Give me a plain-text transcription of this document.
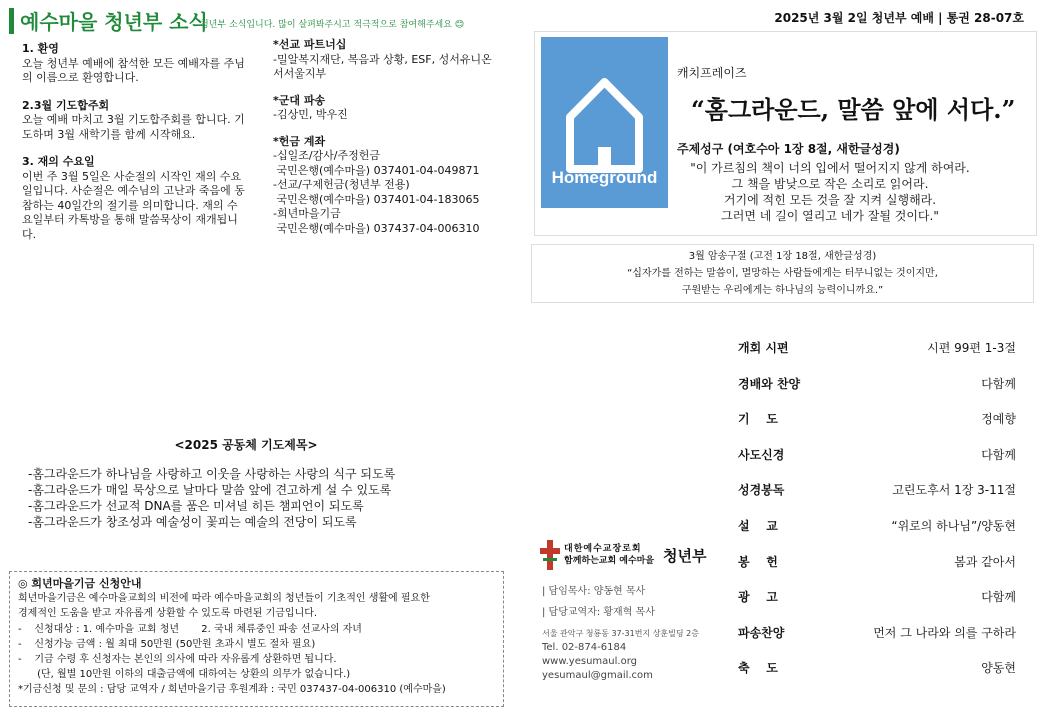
예수마을 청년부 소식
청년부 소식입니다. 많이 살펴봐주시고 적극적으로 참여해주세요 😊	2025년 3월 2일 청년부 예배 | 통권 28-07호
1. 환영
오늘 청년부 예배에 참석한 모든 예배자를 주님의 이름으로 환영합니다.
2.3월 기도합주회
오늘 예배 마치고 3월 기도합주회를 합니다. 기도하며 3월 새학기를 함께 시작해요.
3. 재의 수요일
이번 주 3월 5일은 사순절의 시작인 재의 수요일입니다. 사순절은 예수님의 고난과 죽음에 동참하는 40일간의 절기를 의미합니다. 재의 수요일부터 카톡방을 통해 말씀묵상이 재개됩니다.
*선교 파트너십
-밀알복지재단, 복음과 상황, ESF, 성서유니온 서서울지부
*군대 파송
-김상민, 박우진
*헌금 계좌
-십일조/감사/주정헌금
국민은행(예수마을) 037401-04-049871
-선교/구제헌금(청년부 전용)
국민은행(예수마을) 037401-04-183065
-희년마을기금
국민은행(예수마을) 037437-04-006310
Homeground
캐치프레이즈
“홈그라운드, 말씀 앞에 서다.”
주제성구 (여호수아 1장 8절, 새한글성경)
"이 가르침의 책이 너의 입에서 떨어지지 않게 하여라.
그 책을 밤낮으로 작은 소리로 읽어라.
거기에 적힌 모든 것을 잘 지켜 실행해라.
그러면 네 길이 열리고 네가 잘될 것이다."
3월 암송구절 (고전 1장 18절, 새한글성경)
“십자가를 전하는 말씀이, 멸망하는 사람들에게는 터무니없는 것이지만,
구원받는 우리에게는 하나님의 능력이니까요.”
개회 시편	시편 99편 1-3절
경배와 찬양	다함께
기    도	정예향
사도신경	다함께
성경봉독	고린도후서 1장 3-11절
설    교	“위로의 하나님”/양동현
봉    헌	봄과 같아서
광    고	다함께
파송찬양	먼저 그 나라와 의를 구하라
축    도	양동현
<2025 공동체 기도제목>
-홈그라운드가 하나님을 사랑하고 이웃을 사랑하는 사랑의 식구 되도록
-홈그라운드가 매일 묵상으로 날마다 말씀 앞에 견고하게 설 수 있도록
-홈그라운드가 선교적 DNA를 품은 미셔널 히든 챔피언이 되도록
-홈그라운드가 창조성과 예술성이 꽃피는 예술의 전당이 되도록
◎ 희년마을기금 신청안내
희년마을기금은 예수마을교회의 비전에 따라 예수마을교회의 청년들이 기초적인 생활에 필요한
경제적인 도움을 받고 자유롭게 상환할 수 있도록 마련된 기금입니다.
-    신청대상 : 1. 예수마을 교회 청년       2. 국내 체류중인 파송 선교사의 자녀
-    신청가능 금액 : 월 최대 50만원 (50만원 초과시 별도 절차 필요)
-    기금 수령 후 신청자는 본인의 의사에 따라 자유롭게 상환하면 됩니다.
(단, 월별 10만원 이하의 대출금액에 대하여는 상환의 의무가 없습니다.)
*기금신청 및 문의 : 담당 교역자 / 희년마을기금 후원계좌 : 국민 037437-04-006310 (예수마을)
대한예수교장로회
함께하는교회 예수마을 청년부
| 담임목사: 양동현 목사
| 담당교역자: 황재혁 목사
서울 관악구 청룡동 37-31번지 상훈빌딩 2층
Tel. 02-874-6184
www.yesumaul.org
yesumaul@gmail.com
